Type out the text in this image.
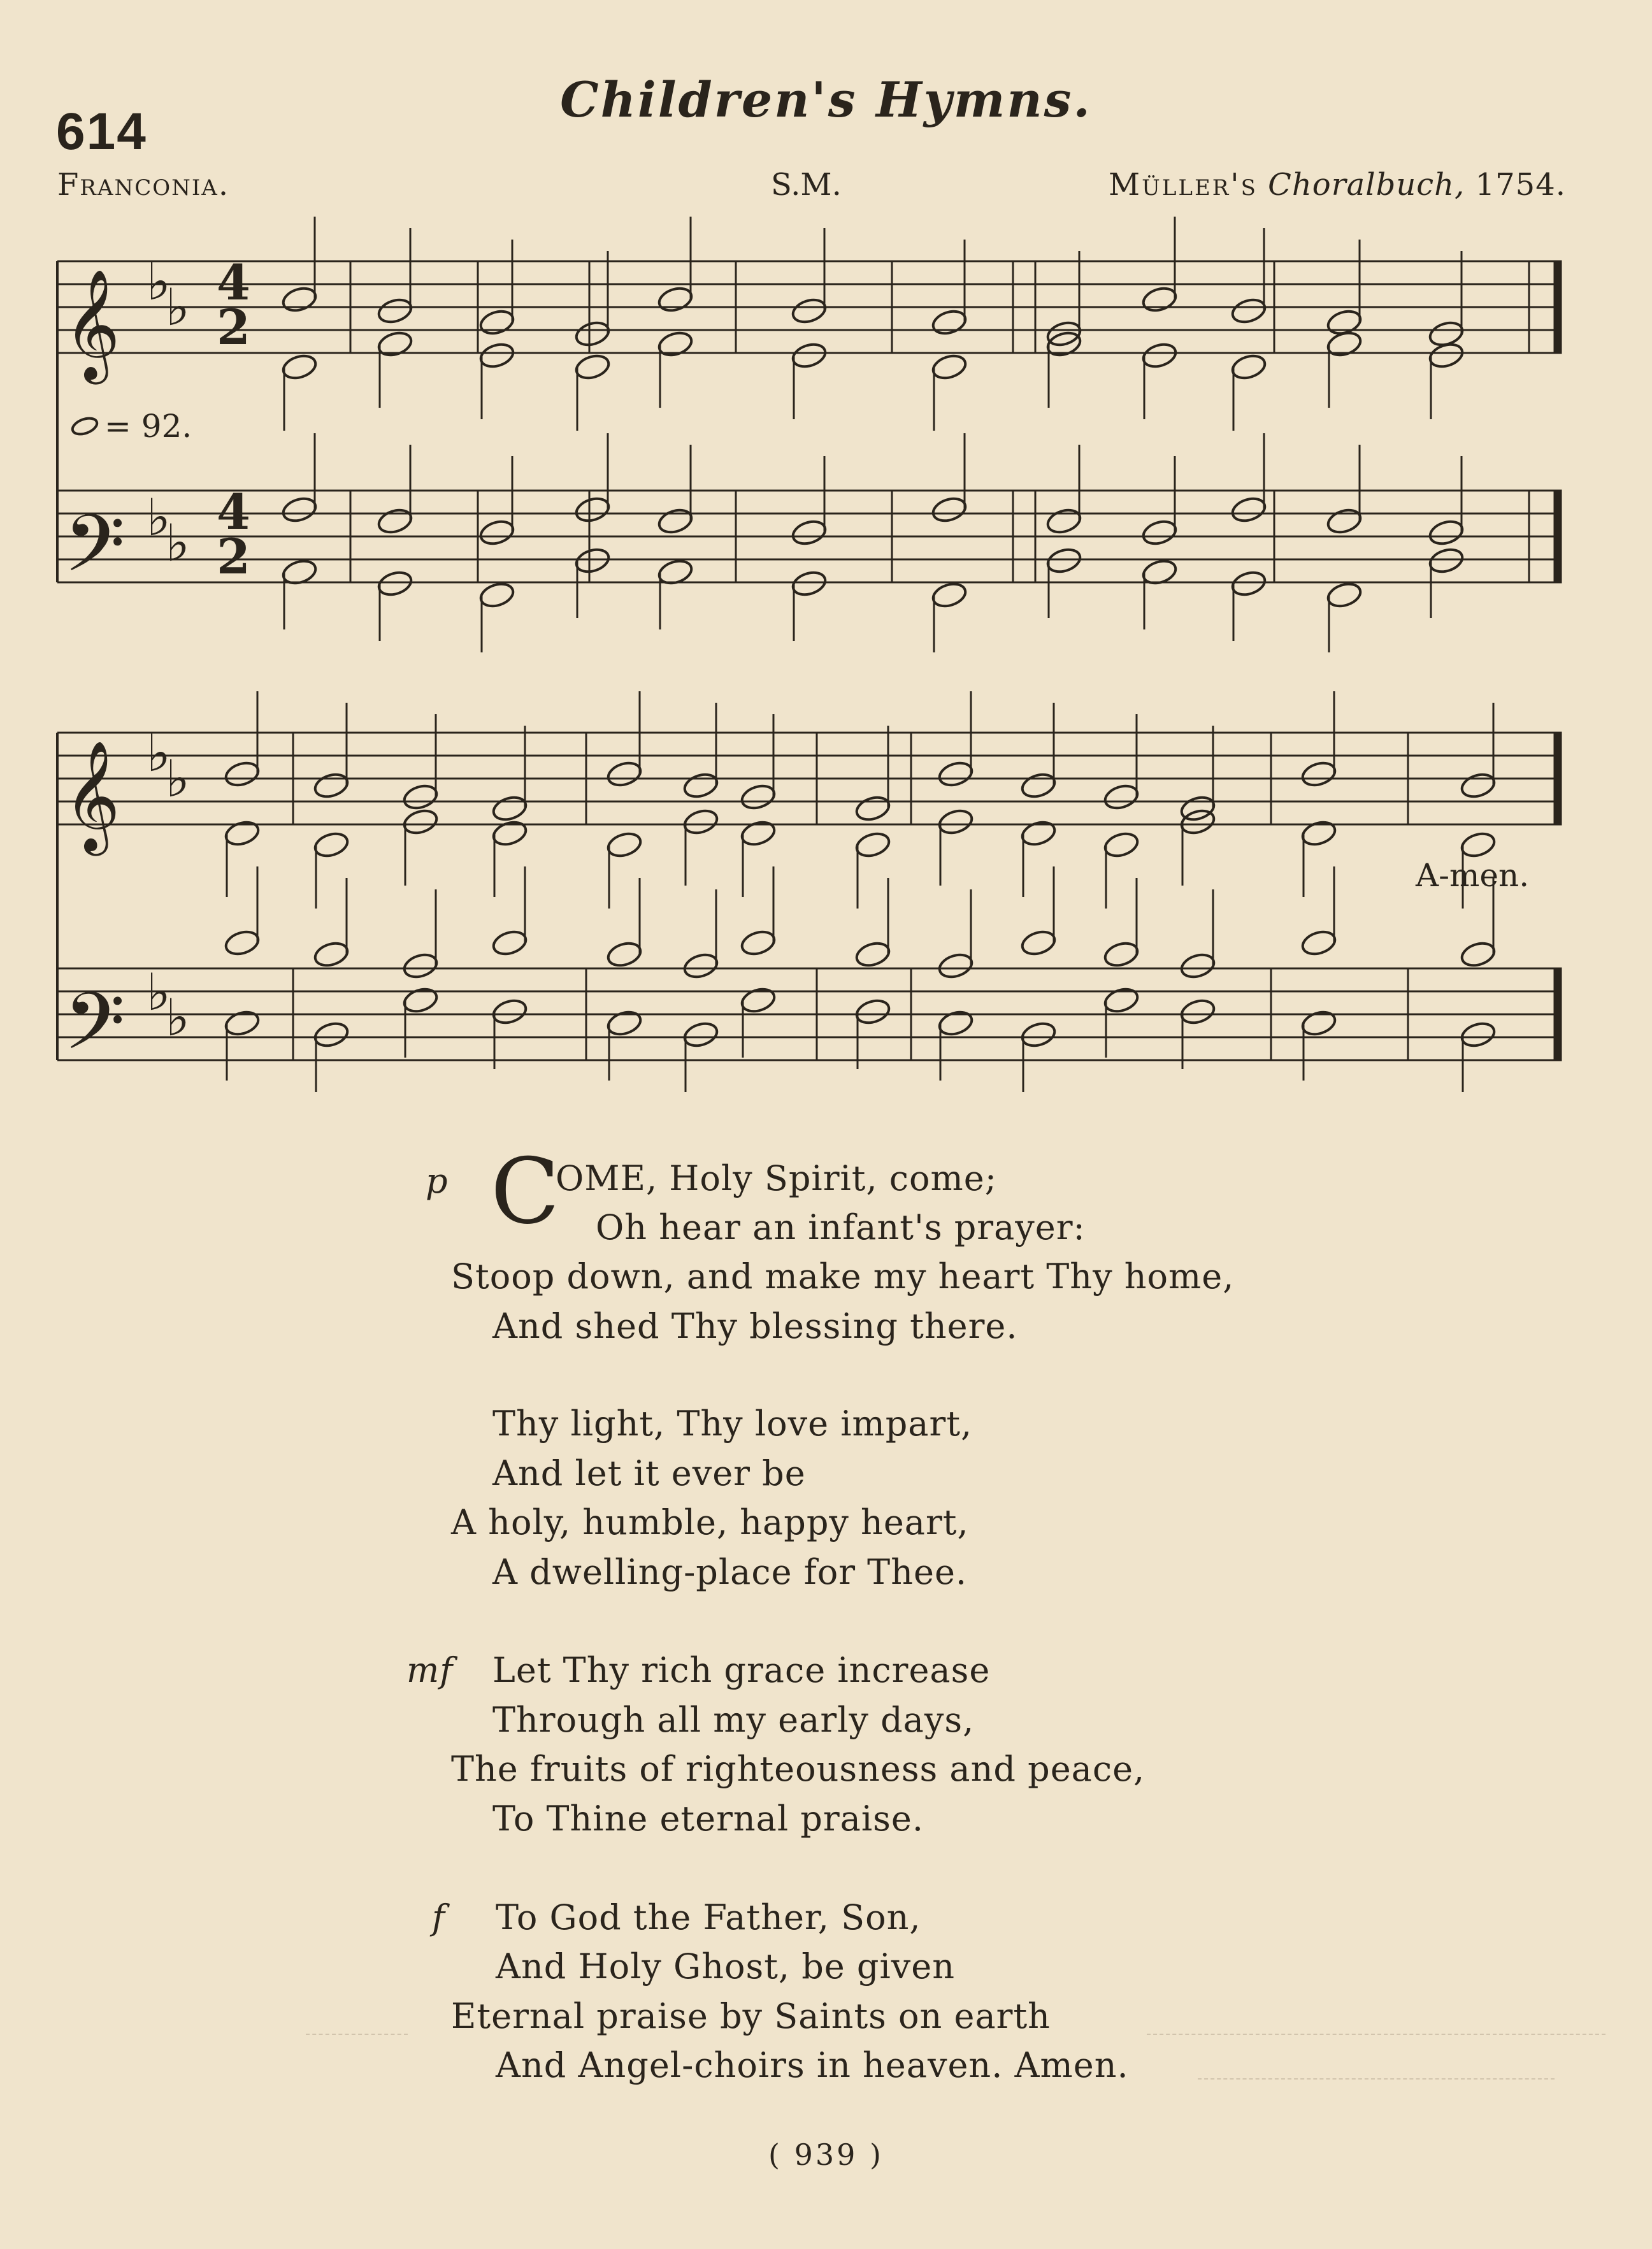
614
Children's Hymns.
Franconia.	S.M.	Müller's Choralbuch, 1754.
𝄞
𝄢
𝄞
𝄢
♭
♭
♭
♭
♭
♭
♭
♭
4
2
4
2
= 92.
A-men.
p C
OME, Holy Spirit, come;
Oh hear an infant's prayer:
Stoop down, and make my heart Thy home,
And shed Thy blessing there.
Thy light, Thy love impart,
And let it ever be
A holy, humble, happy heart,
A dwelling-place for Thee.
mf Let Thy rich grace increase
Through all my early days,
The fruits of righteousness and peace,
To Thine eternal praise.
f To God the Father, Son,
And Holy Ghost, be given
Eternal praise by Saints on earth
And Angel-choirs in heaven. Amen.
( 939 )
